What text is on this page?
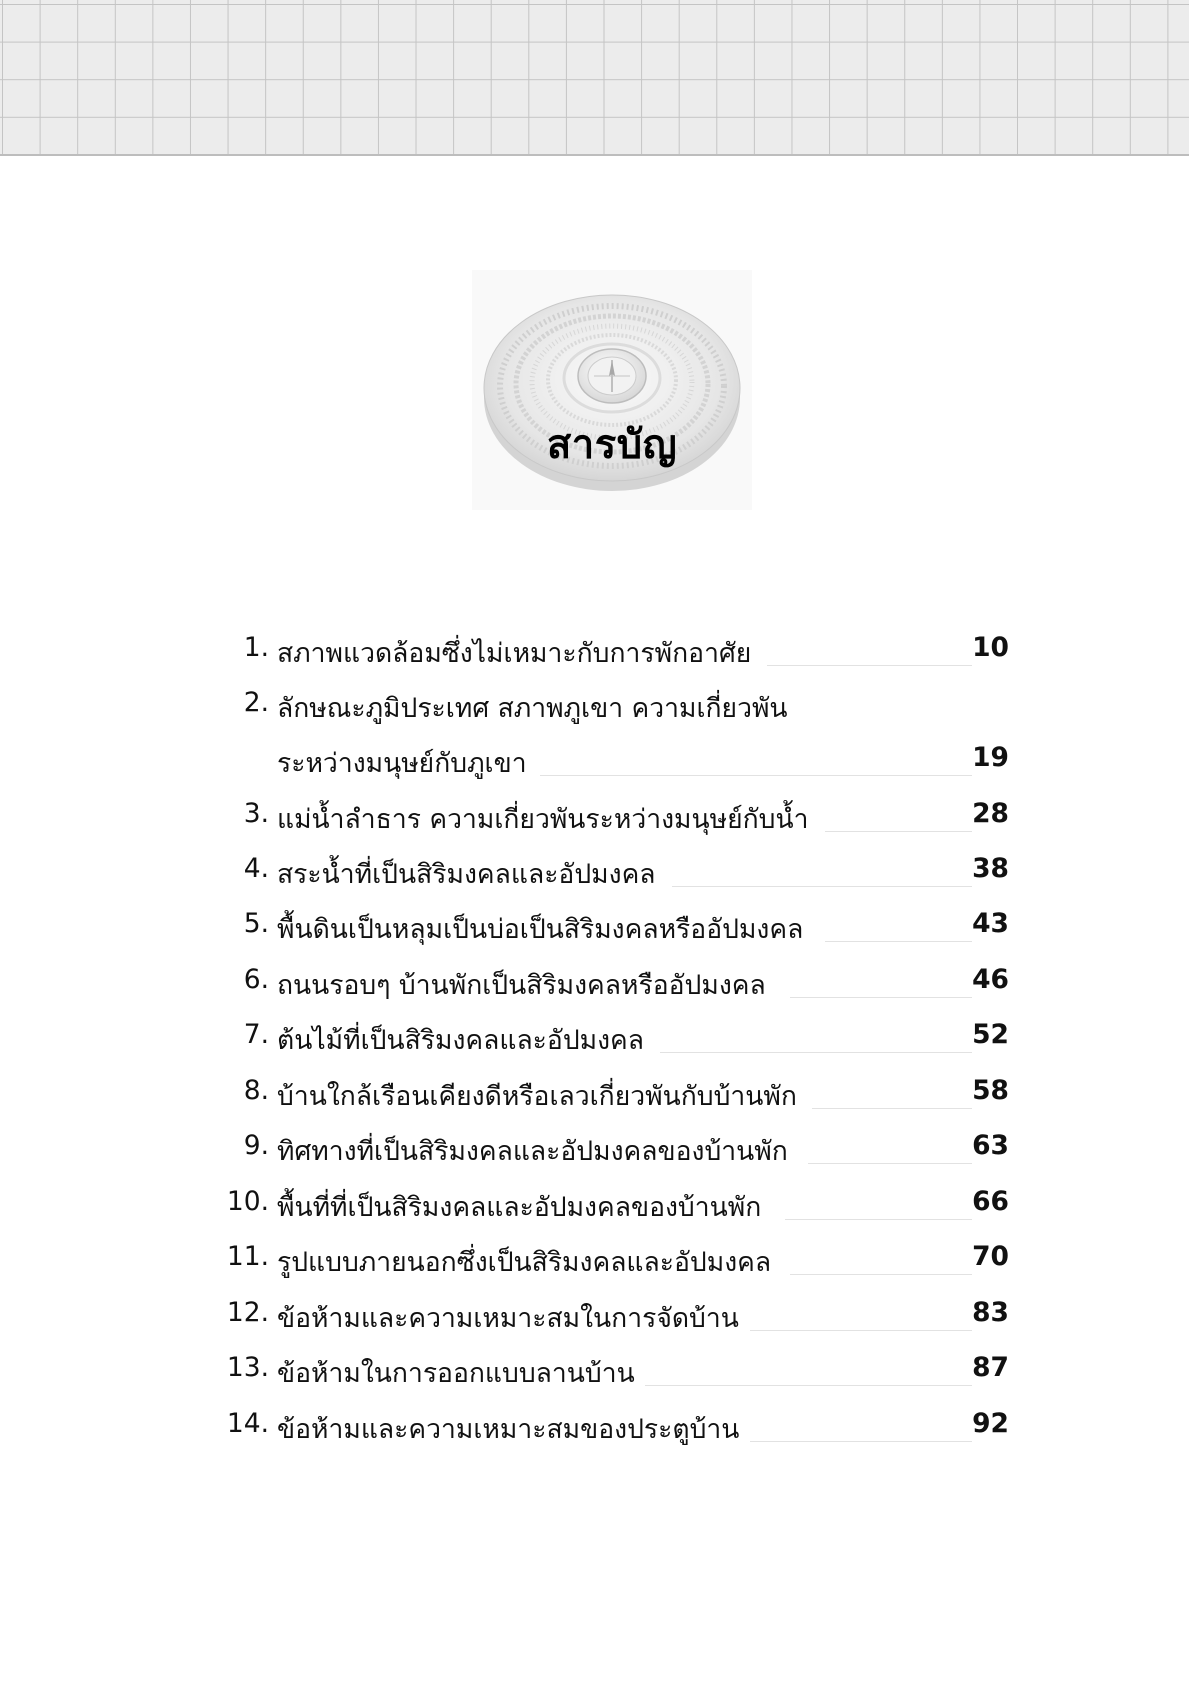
สารบัญ
1. สภาพแวดล้อมซึ่งไม่เหมาะกับการพักอาศัย	10
2. ลักษณะภูมิประเทศ สภาพภูเขา ความเกี่ยวพัน
ระหว่างมนุษย์กับภูเขา	19
3. แม่น้ำลำธาร ความเกี่ยวพันระหว่างมนุษย์กับน้ำ	28
4. สระน้ำที่เป็นสิริมงคลและอัปมงคล	38
5. พื้นดินเป็นหลุมเป็นบ่อเป็นสิริมงคลหรืออัปมงคล	43
6. ถนนรอบๆ บ้านพักเป็นสิริมงคลหรืออัปมงคล	46
7. ต้นไม้ที่เป็นสิริมงคลและอัปมงคล	52
8. บ้านใกล้เรือนเคียงดีหรือเลวเกี่ยวพันกับบ้านพัก	58
9. ทิศทางที่เป็นสิริมงคลและอัปมงคลของบ้านพัก	63
10. พื้นที่ที่เป็นสิริมงคลและอัปมงคลของบ้านพัก	66
11. รูปแบบภายนอกซึ่งเป็นสิริมงคลและอัปมงคล	70
12. ข้อห้ามและความเหมาะสมในการจัดบ้าน	83
13. ข้อห้ามในการออกแบบลานบ้าน	87
14. ข้อห้ามและความเหมาะสมของประตูบ้าน	92
